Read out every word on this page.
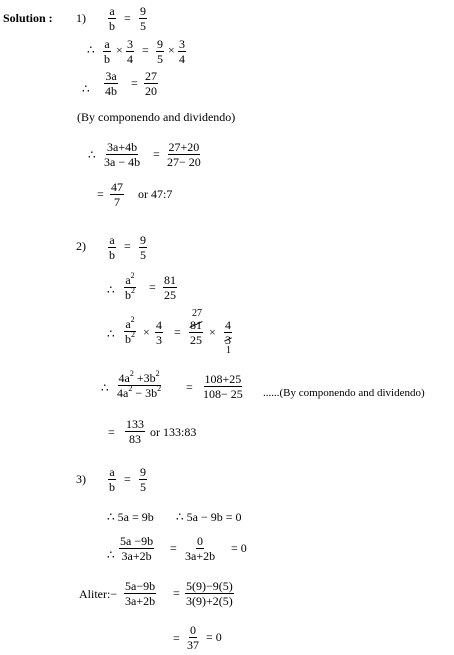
Solution : $1) \frac{a}{b} = \frac{9}{5}$
∴ $\frac{a}{b} \times \frac{3}{4} = \frac{9}{5} \times \frac{3}{4}$
∴ $\frac{3a}{4b} = \frac{27}{20}$
(By componendo and dividendo)
∴ $\frac{3a+4b}{3a - 4b} = \frac{27+20}{27- 20}$
= $\frac{47}{7}$ or 47:7
$2) \frac{a}{b} = \frac{9}{5}$
∴ $\frac{a^2}{b^2} = \frac{81}{25}$
∴ $\frac{a^2}{b^2} \times \frac{4}{3}$ =
27
$\frac{81}{25} \times \frac{4}{3}$
1
∴ $\frac{4a^2 +3b^2}{4a^2 - 3b^2} = \frac{108+25}{108- 25} ......(By$ componendo and dividendo)
= $\frac{133}{83}$ or 133:83
$3) \frac{a}{b} = \frac{9}{5}$
∴ 5a = 9b ∴ 5a − 9b = 0
∴ $\frac{5a -9b}{3a+2b} = \frac{0}{3a+2b} = 0$
Aliter:− $\frac{5a-9b}{3a+2b} = \frac{5(9)-9(5)}{3(9)+2(5)}$
= $\frac{0}{37} = 0$
